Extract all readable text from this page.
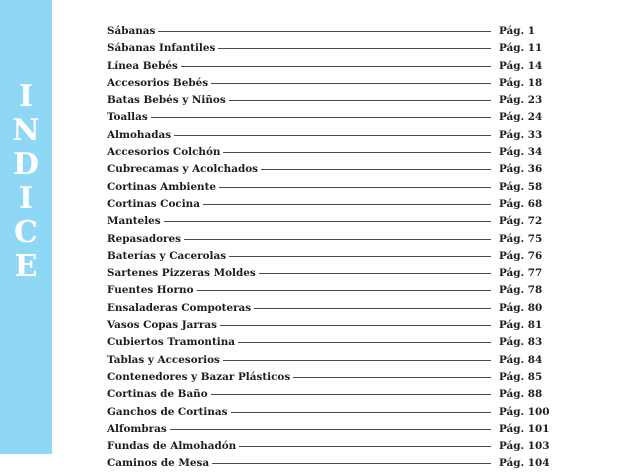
I
N
D
I
C
E
Sábanas	Pág. 1
Sábanas Infantiles	Pág. 11
Línea Bebés	Pág. 14
Accesorios Bebés	Pág. 18
Batas Bebés y Niños	Pág. 23
Toallas	Pág. 24
Almohadas	Pág. 33
Accesorios Colchón	Pág. 34
Cubrecamas y Acolchados	Pág. 36
Cortinas Ambiente	Pág. 58
Cortinas Cocina	Pág. 68
Manteles	Pág. 72
Repasadores	Pág. 75
Baterías y Cacerolas	Pág. 76
Sartenes Pizzeras Moldes	Pág. 77
Fuentes Horno	Pág. 78
Ensaladeras Compoteras	Pág. 80
Vasos Copas Jarras	Pág. 81
Cubiertos Tramontina	Pág. 83
Tablas y Accesorios	Pág. 84
Contenedores y Bazar Plásticos	Pág. 85
Cortinas de Baño	Pág. 88
Ganchos de Cortinas	Pág. 100
Alfombras	Pág. 101
Fundas de Almohadón	Pág. 103
Caminos de Mesa	Pág. 104
